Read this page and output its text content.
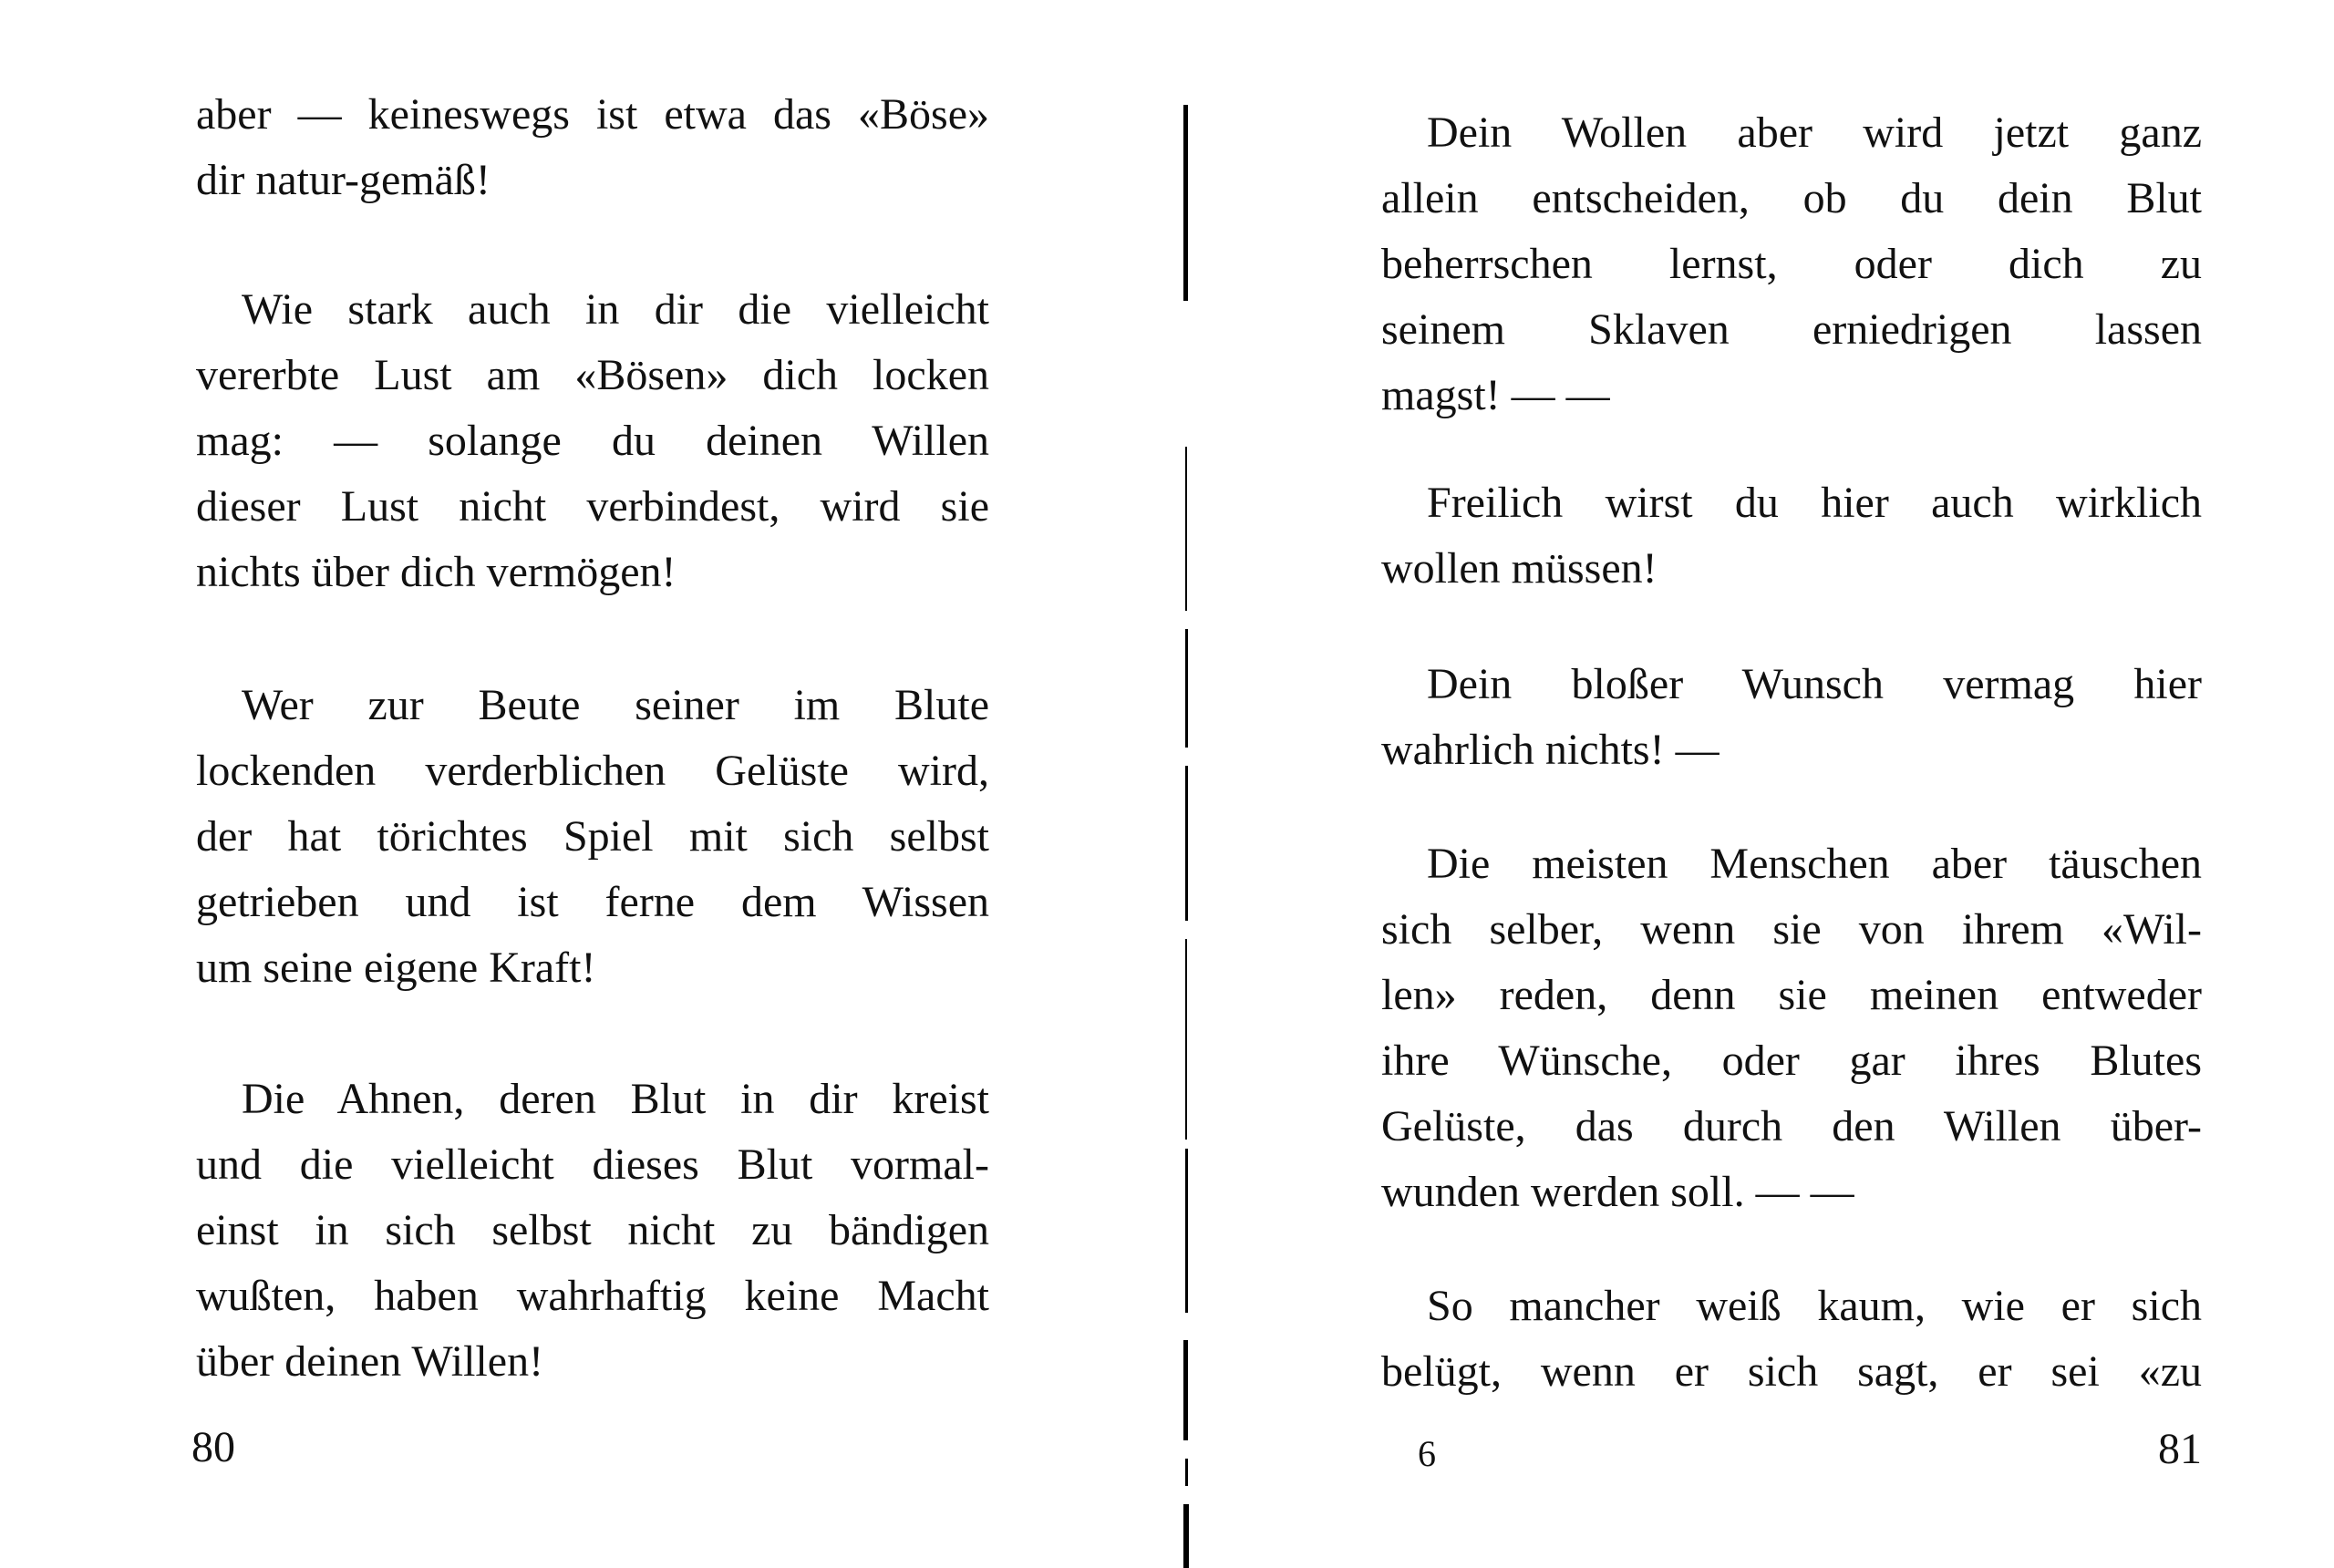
aber — keineswegs ist etwa das «Böse»
dir natur-gemäß!
Wie stark auch in dir die vielleicht
vererbte Lust am «Bösen» dich locken
mag: — solange du deinen Willen
dieser Lust nicht verbindest, wird sie
nichts über dich vermögen!
Wer zur Beute seiner im Blute
lockenden verderblichen Gelüste wird,
der hat törichtes Spiel mit sich selbst
getrieben und ist ferne dem Wissen
um seine eigene Kraft!
Die Ahnen, deren Blut in dir kreist
und die vielleicht dieses Blut vormal-
einst in sich selbst nicht zu bändigen
wußten, haben wahrhaftig keine Macht
über deinen Willen!
80
Dein Wollen aber wird jetzt ganz
allein entscheiden, ob du dein Blut
beherrschen lernst, oder dich zu
seinem Sklaven erniedrigen lassen
magst! — —
Freilich wirst du hier auch wirklich
wollen müssen!
Dein bloßer Wunsch vermag hier
wahrlich nichts! —
Die meisten Menschen aber täuschen
sich selber, wenn sie von ihrem «Wil-
len» reden, denn sie meinen entweder
ihre Wünsche, oder gar ihres Blutes
Gelüste, das durch den Willen über-
wunden werden soll. — —
So mancher weiß kaum, wie er sich
belügt, wenn er sich sagt, er sei «zu
6	81
